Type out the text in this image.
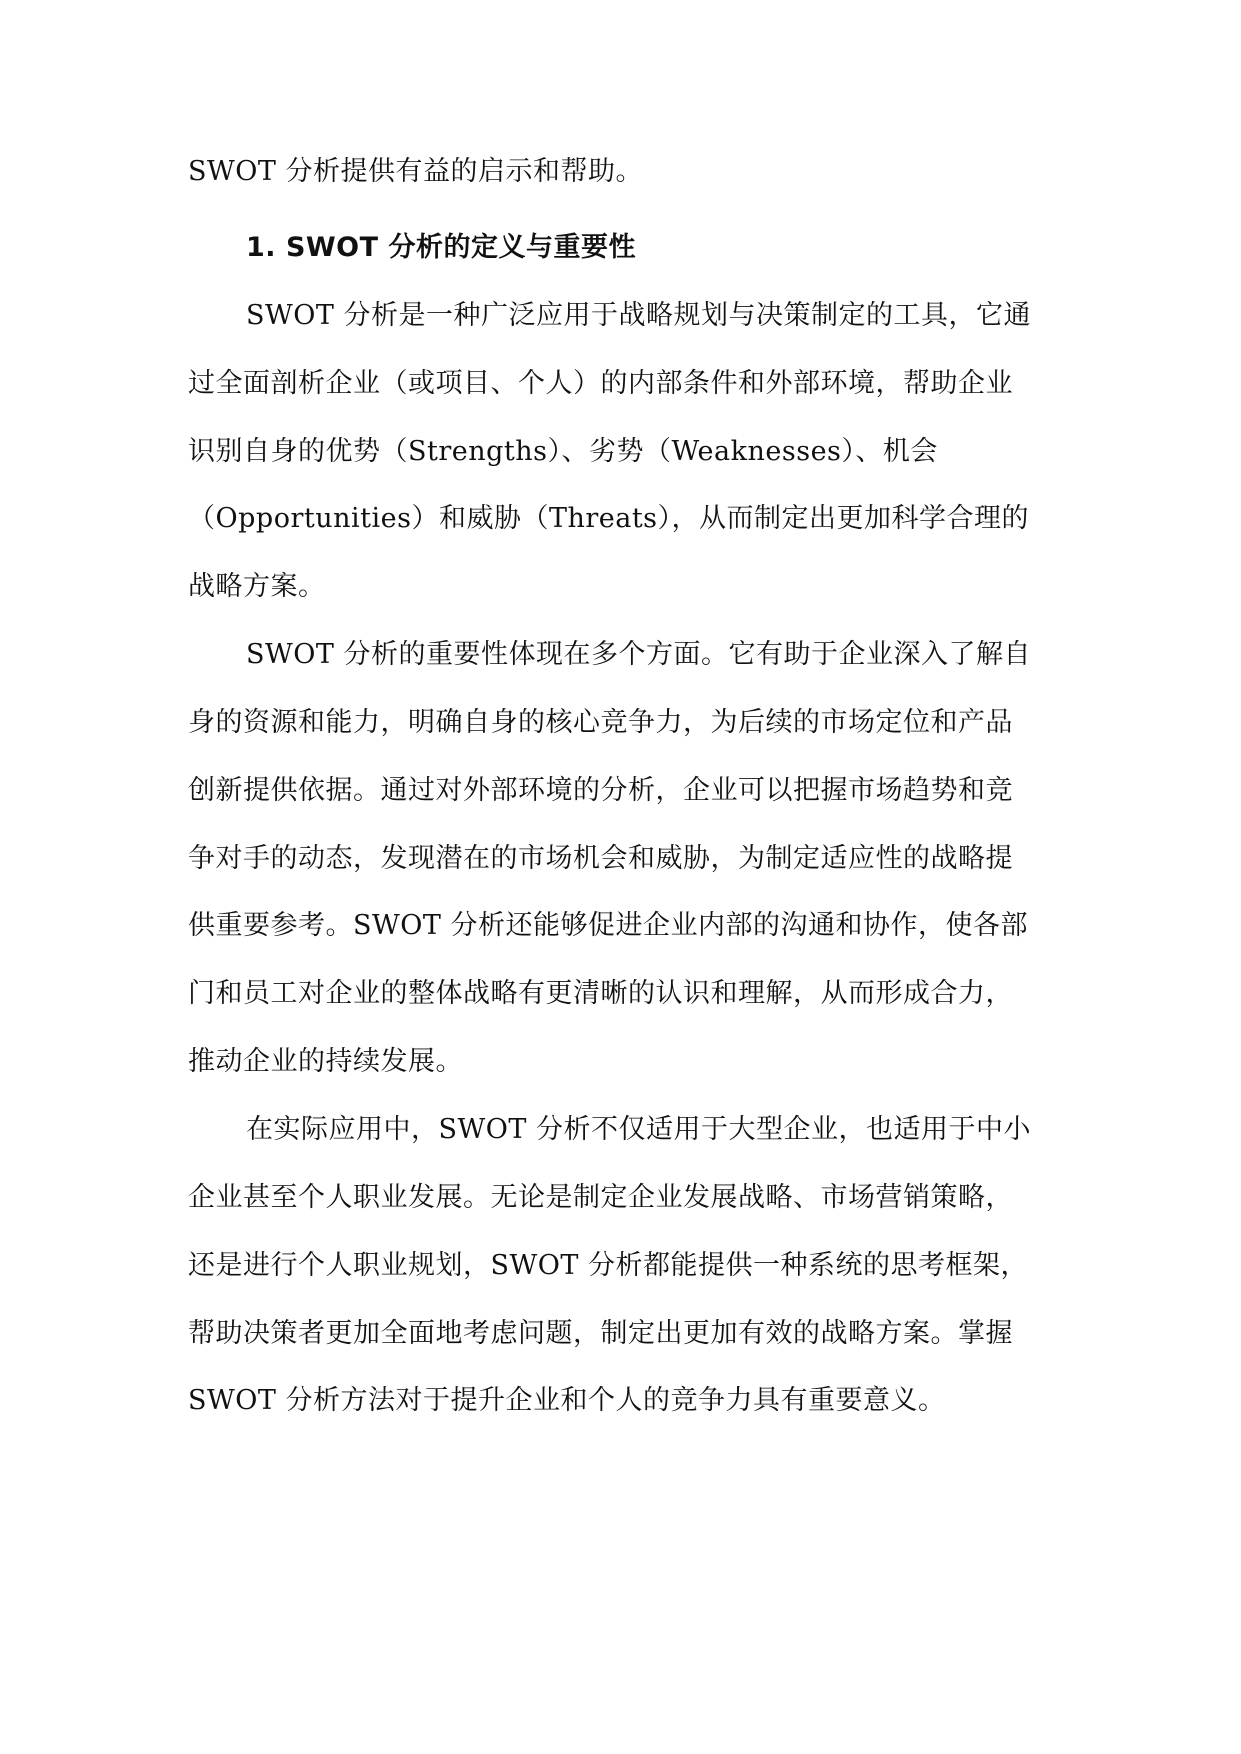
SWOT 分析提供有益的启示和帮助。
1. SWOT 分析的定义与重要性
SWOT 分析是一种广泛应用于战略规划与决策制定的工具，它通
过全面剖析企业（或项目、个人）的内部条件和外部环境，帮助企业
识别自身的优势（Strengths）、劣势（Weaknesses）、机会
（Opportunities）和威胁（Threats），从而制定出更加科学合理的
战略方案。
SWOT 分析的重要性体现在多个方面。它有助于企业深入了解自
身的资源和能力，明确自身的核心竞争力，为后续的市场定位和产品
创新提供依据。通过对外部环境的分析，企业可以把握市场趋势和竞
争对手的动态，发现潜在的市场机会和威胁，为制定适应性的战略提
供重要参考。SWOT 分析还能够促进企业内部的沟通和协作，使各部
门和员工对企业的整体战略有更清晰的认识和理解，从而形成合力，
推动企业的持续发展。
在实际应用中，SWOT 分析不仅适用于大型企业，也适用于中小
企业甚至个人职业发展。无论是制定企业发展战略、市场营销策略，
还是进行个人职业规划，SWOT 分析都能提供一种系统的思考框架，
帮助决策者更加全面地考虑问题，制定出更加有效的战略方案。掌握
SWOT 分析方法对于提升企业和个人的竞争力具有重要意义。
